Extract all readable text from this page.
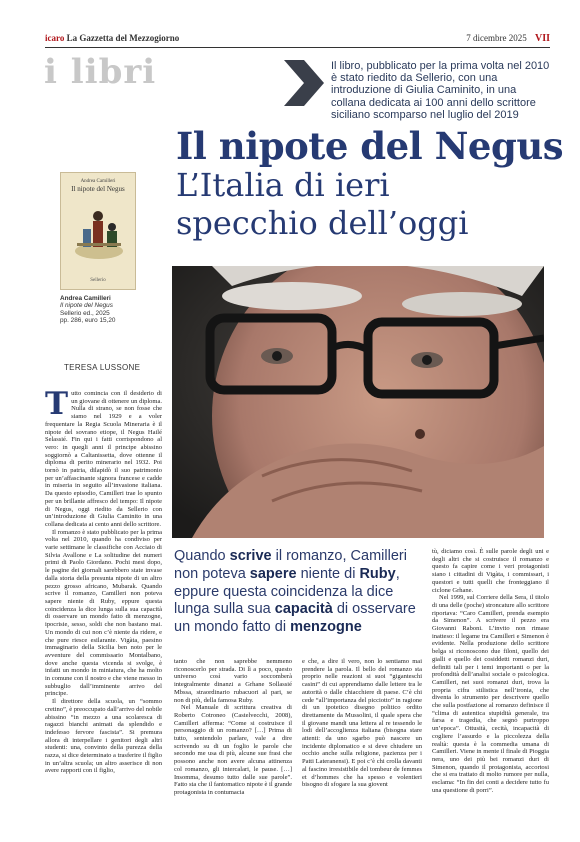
icaro La Gazzetta del Mezzogiorno	7 dicembre 2025 VII
i libri	Il libro, pubblicato per la prima volta nel 2010 è stato riedito da Sellerio, con una introduzione di Giulia Caminito, in una collana dedicata ai 100 anni dello scrittore siciliano scomparso nel luglio del 2019
Il nipote del Negus
L’Italia di ieri
specchio dell’oggi
Andrea Camilleri
Il nipote del Negus
Sellerio
Andrea Camilleri
Il nipote del Negus
Sellerio ed., 2025
pp. 286, euro 15,20
TERESA LUSSONE
Quando scrive il romanzo, Camilleri non poteva sapere niente di Ruby, eppure questa coincidenza la dice lunga sulla sua capacità di osservare un mondo fatto di menzogne
T utto comincia con il desiderio di un giovane di ottenere un diploma. Nulla di strano, se non fosse che siamo nel 1929 e a voler frequentare la Regia Scuola Mineraria è il nipote del sovrano etiope, il Negus Hailé Selassié. Fin qui i fatti corrispondono al vero: in quegli anni il principe abissino soggiornò a Caltanissetta, dove ottenne il diploma di perito minerario nel 1932. Poi tornò in patria, dilapidò il suo patrimonio per un’affascinante signora francese e cadde in miseria in seguito all’invasione italiana. Da questo episodio, Camilleri trae lo spunto per un brillante affresco del tempo: Il nipote di Negus, oggi riedito da Sellerio con un’introduzione di Giulia Caminito in una collana dedicata ai cento anni dello scrittore.

Il romanzo è stato pubblicato per la prima volta nel 2010, quando ha condiviso per varie settimane le classifiche con Acciaio di Silvia Avallone e La solitudine dei numeri primi di Paolo Giordano. Pochi mesi dopo, le pagine dei giornali sarebbero state invase dalla storia della presunta nipote di un altro pezzo grosso africano, Mubarak. Quando scrive il romanzo, Camilleri non poteva sapere niente di Ruby, eppure questa coincidenza la dice lunga sulla sua capacità di osservare un mondo fatto di menzogne, ipocrisie, sesso, soldi che non bastano mai. Un mondo di cui non c’è niente da ridere, e che pure riesce esilarante. Vigàta, paesino immaginario della Sicilia ben noto per le avventure del commissario Montalbano, dove anche questa vicenda si svolge, è infatti un mondo in miniatura, che ha molto in comune con il nostro e che viene messo in subbuglio dall’imminente arrivo del principe.

Il direttore della scuola, un “sommo cretino”, è preoccupato dall’arrivo del nobile abissino “in mezzo a una scolaresca di ragazzi bianchi animati da splendido e indefesso fervore fascista”. Si premura allora di interpellare i genitori degli altri studenti: una, convinto della purezza della razza, si dice determinato a trasferire il figlio in un’altra scuola; un altro asserisce di non avere rapporti con il figlio,

tanto che non saprebbe nemmeno riconoscerlo per strada. Di lì a poco, questo universo così vario soccomberà integralmente dinanzi a Grhane Sollassié Mbssa, straordinario rubacuori al pari, se non di più, della famosa Ruby.

Nel Manuale di scrittura creativa di Roberto Cotroneo (Castelvecchi, 2008), Camilleri afferma: “Come si costruisce il personaggio di un romanzo? […] Prima di tutto, sentendolo parlare, vale a dire scrivendo su di un foglio le parole che secondo me usa di più, alcune sue frasi che possono anche non avere alcuna attinenza col romanzo, gli intercalari, le pause. […] Insomma, desumo tutto dalle sue parole”. Fatto sta che il fantomatico nipote è il grande protagonista in contumacia

e che, a dire il vero, non lo sentiamo mai prendere la parola. Il bello del romanzo sta proprio nelle reazioni si suoi “giganteschi casini” di cui apprendiamo dalle lettere tra le autorità o dalle chiacchiere di paese. C’è chi cede “all’importanza del picciotto” in ragione di un ipotetico disegno politico ordito direttamente da Mussolini, il quale spera che il giovane mandi una lettera al re tessendo le lodi dell’accoglienza italiana (bisogna stare attenti: da uno sgarbo può nascere un incidente diplomatico e si deve chiudere un occhio anche sulla religione, pazienza per i Patti Lateranensi). E poi c’è chi crolla davanti al fascino irresistibile del tombeur de femmes et d’hommes che ha spesso e volentieri bisogno di sfogare la sua giovent

tù, diciamo così. È sulle parole degli uni e degli altri che si costruisce il romanzo e questo fa capire come i veri protagonisti siano i cittadini di Vigàta, i commissari, i questori e tutti quelli che fronteggiano il ciclone Grhane.

Nel 1999, sul Corriere della Sera, il titolo di una delle (poche) stroncature allo scrittore riportava: “Caro Camilleri, prenda esempio da Simenon”. A scrivere il pezzo era Giovanni Raboni. L’invito non rimase inatteso: il legame tra Camilleri e Simenon è evidente. Nella produzione dello scrittore belga si riconoscono due filoni, quello dei gialli e quello dei cosiddetti romanzi duri, definiti tali per i temi importanti o per la profondità dell’analisi sociale o psicologica. Camilleri, nei suoi romanzi duri, trova la propria cifra stilistica nell’ironia, che diventa lo strumento per descrivere quello che sulla postfazione al romanzo definisce il “clima di autentica stupidità generale, tra farsa e tragedia, che segnò purtroppo un’epoca”. Ottusità, cecità, incapacità di cogliere l’assurdo e la piccolezza della realtà: questa è la commedia umana di Camilleri. Viene in mente il finale di Pioggia nera, uno dei più bei romanzi duri di Simenon, quando il protagonista, accortosi che si era trattato di molto rumore per nulla, esclama: “In fin dei conti a decidere tutto fu una questione di porri”.
